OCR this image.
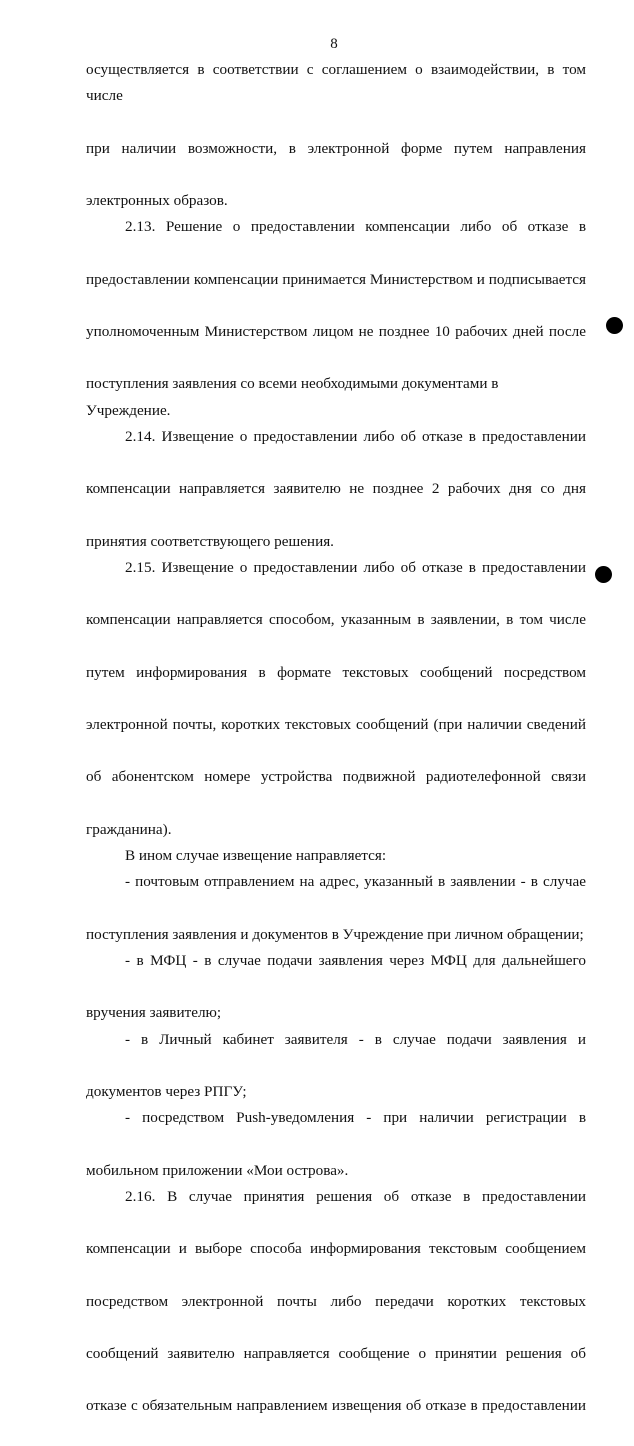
8
осуществляется в соответствии с соглашением о взаимодействии, в том числе
при наличии возможности, в электронной форме путем направления
электронных образов.
2.13. Решение о предоставлении компенсации либо об отказе в
предоставлении компенсации принимается Министерством и подписывается
уполномоченным Министерством лицом не позднее 10 рабочих дней после
поступления заявления со всеми необходимыми документами в Учреждение.
2.14. Извещение о предоставлении либо об отказе в предоставлении
компенсации направляется заявителю не позднее 2 рабочих дня со дня
принятия соответствующего решения.
2.15. Извещение о предоставлении либо об отказе в предоставлении
компенсации направляется способом, указанным в заявлении, в том числе
путем информирования в формате текстовых сообщений посредством
электронной почты, коротких текстовых сообщений (при наличии сведений
об абонентском номере устройства подвижной радиотелефонной связи
гражданина).
В ином случае извещение направляется:
- почтовым отправлением на адрес, указанный в заявлении - в случае
поступления заявления и документов в Учреждение при личном обращении;
- в МФЦ - в случае подачи заявления через МФЦ для дальнейшего
вручения заявителю;
- в Личный кабинет заявителя - в случае подачи заявления и
документов через РПГУ;
- посредством Push-уведомления - при наличии регистрации в
мобильном приложении «Мои острова».
2.16. В случае принятия решения об отказе в предоставлении
компенсации и выборе способа информирования текстовым сообщением
посредством электронной почты либо передачи коротких текстовых
сообщений заявителю направляется сообщение о принятии решения об
отказе с обязательным направлением извещения об отказе в предоставлении
